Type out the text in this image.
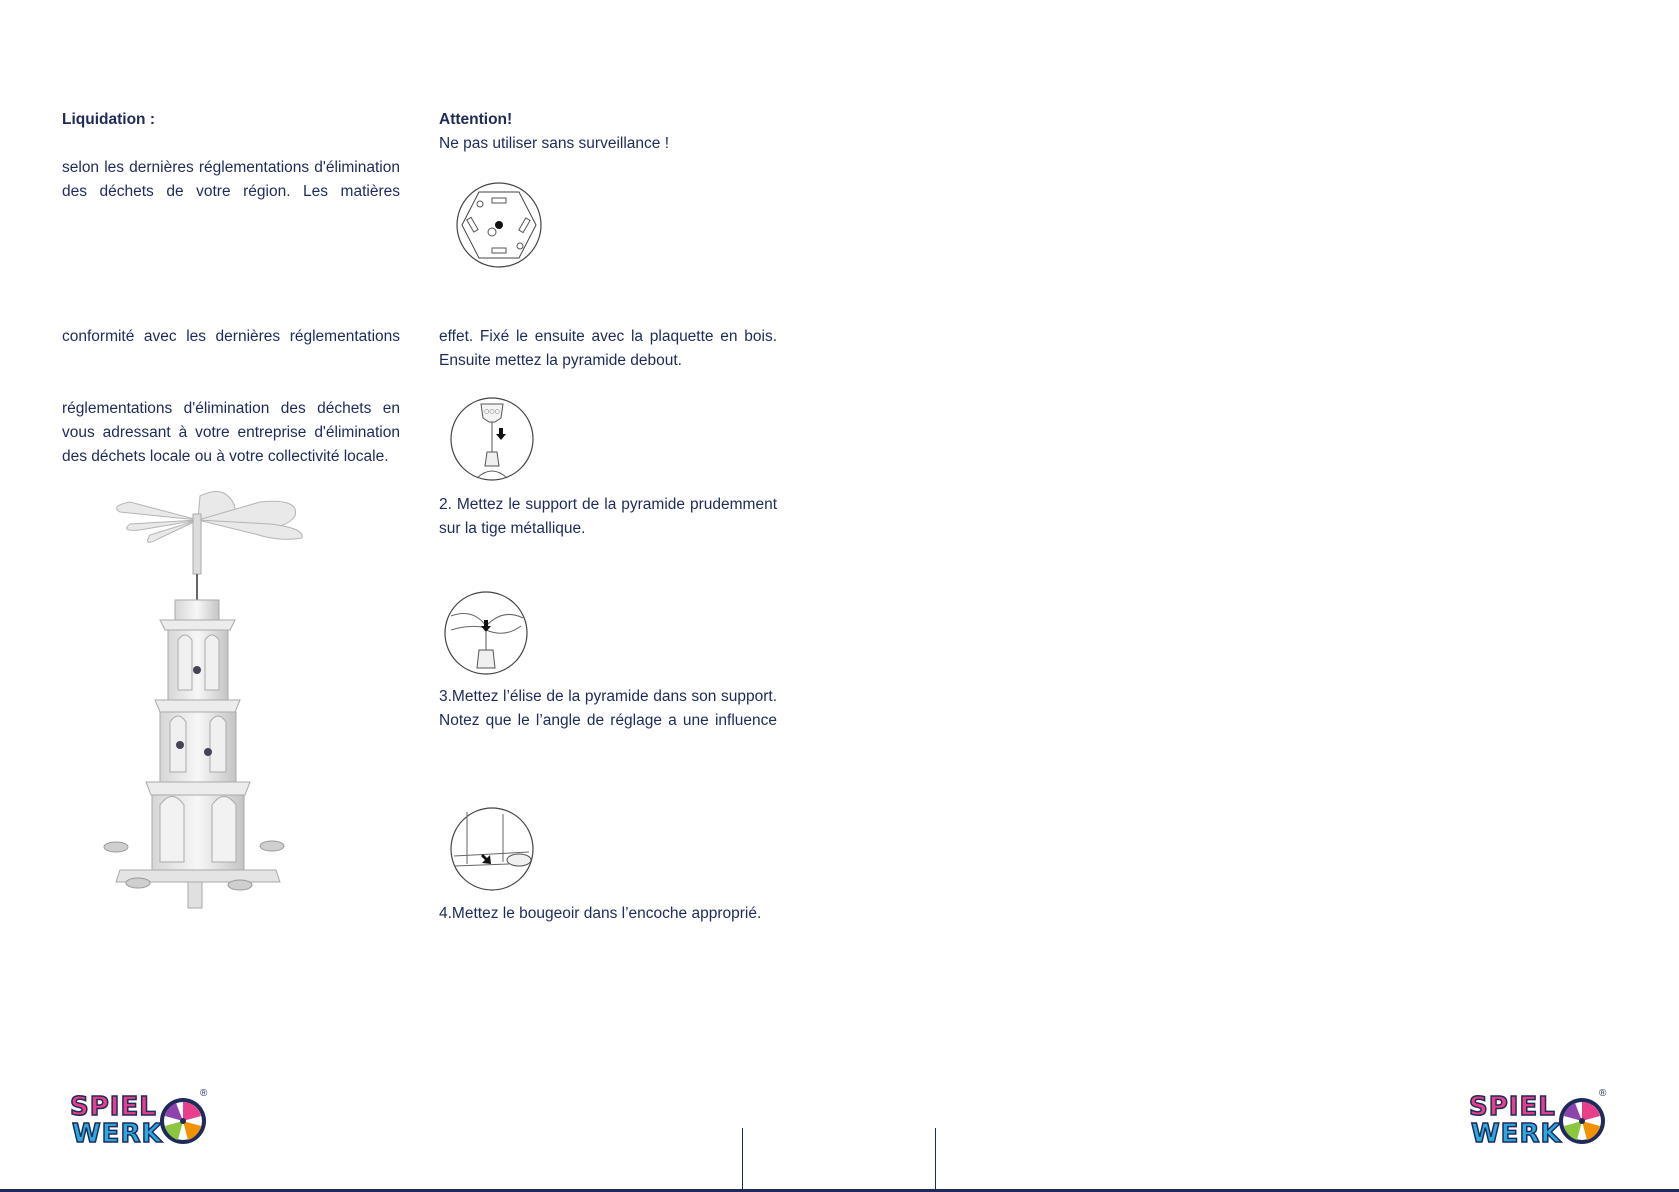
Liquidation :

selon les dernières réglementations d'élimination

des déchets de votre région. Les matières

conformité avec les dernières réglementations

réglementations d'élimination des déchets en

vous adressant à votre entreprise d'élimination

des déchets locale ou à votre collectivité locale.

Attention!

Ne pas utiliser sans surveillance !

effet. Fixé le ensuite avec la plaquette en bois.

Ensuite mettez la pyramide debout.

○○○

2. Mettez le support de la pyramide prudemment

sur la tige métallique.

3.Mettez l’élise de la pyramide dans son support.

Notez que le l’angle de réglage a une influence

4.Mettez le bougeoir dans l’encoche approprié.

SPIEL
WERK
®	SPIEL
WERK
®
